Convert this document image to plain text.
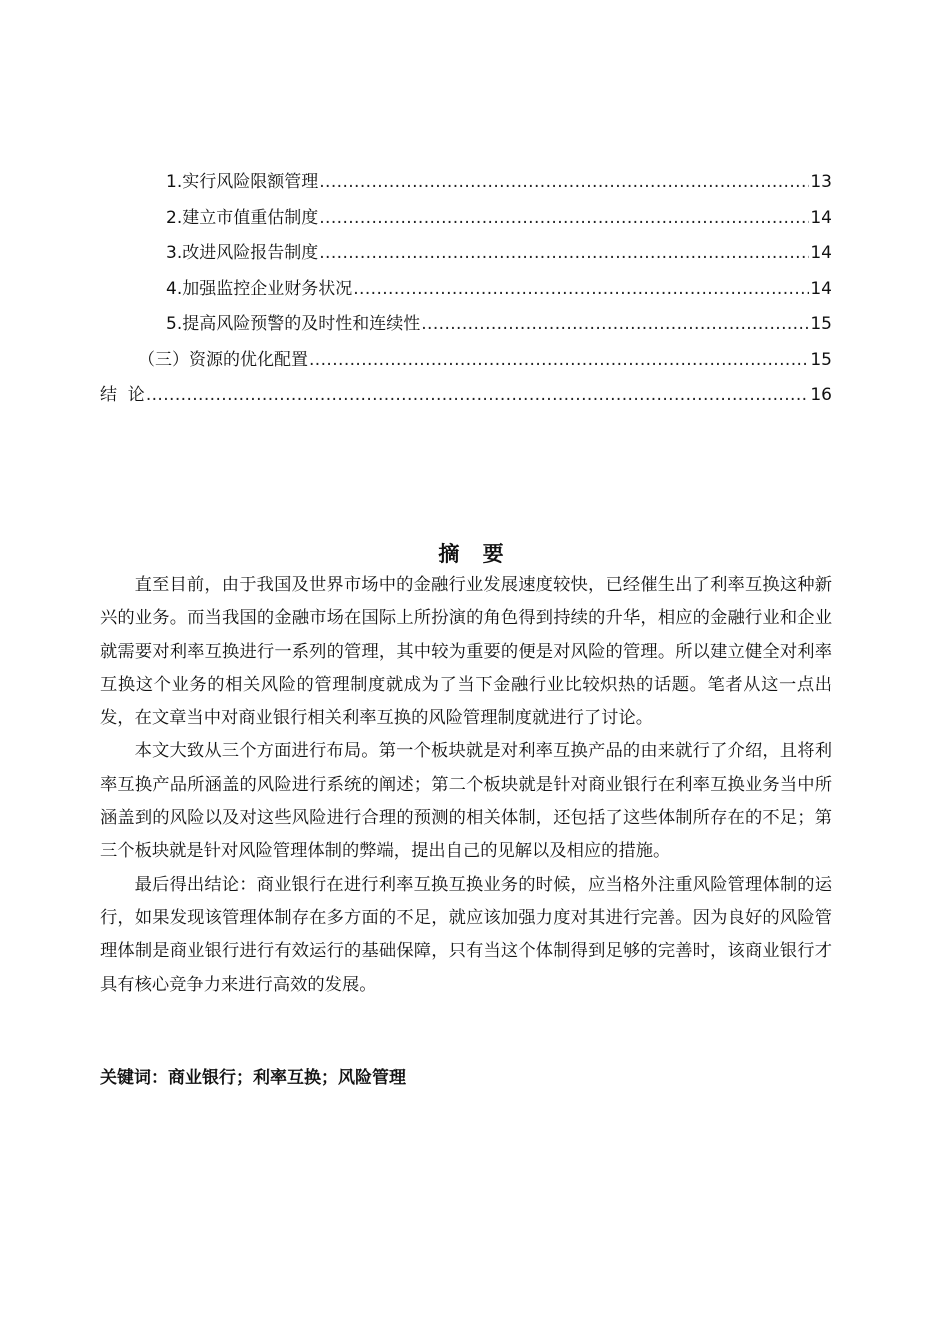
1.实行风险限额管理 .....	13
2.建立市值重估制度 .....	14
3.改进风险报告制度 .....	14
4.加强监控企业财务状况 .....	14
5.提高风险预警的及时性和连续性 .....	15
（三）资源的优化配置 .....	15
结  论 .....	16
摘 要

直至目前，由于我国及世界市场中的金融行业发展速度较快，已经催生出了利率互换这种新兴的业务。而当我国的金融市场在国际上所扮演的角色得到持续的升华，相应的金融行业和企业就需要对利率互换进行一系列的管理，其中较为重要的便是对风险的管理。所以建立健全对利率互换这个业务的相关风险的管理制度就成为了当下金融行业比较炽热的话题。笔者从这一点出发，在文章当中对商业银行相关利率互换的风险管理制度就进行了讨论。

本文大致从三个方面进行布局。第一个板块就是对利率互换产品的由来就行了介绍，且将利率互换产品所涵盖的风险进行系统的阐述；第二个板块就是针对商业银行在利率互换业务当中所涵盖到的风险以及对这些风险进行合理的预测的相关体制，还包括了这些体制所存在的不足；第三个板块就是针对风险管理体制的弊端，提出自己的见解以及相应的措施。

最后得出结论：商业银行在进行利率互换互换业务的时候，应当格外注重风险管理体制的运行，如果发现该管理体制存在多方面的不足，就应该加强力度对其进行完善。因为良好的风险管理体制是商业银行进行有效运行的基础保障，只有当这个体制得到足够的完善时，该商业银行才具有核心竞争力来进行高效的发展。

关键词：商业银行；利率互换；风险管理
